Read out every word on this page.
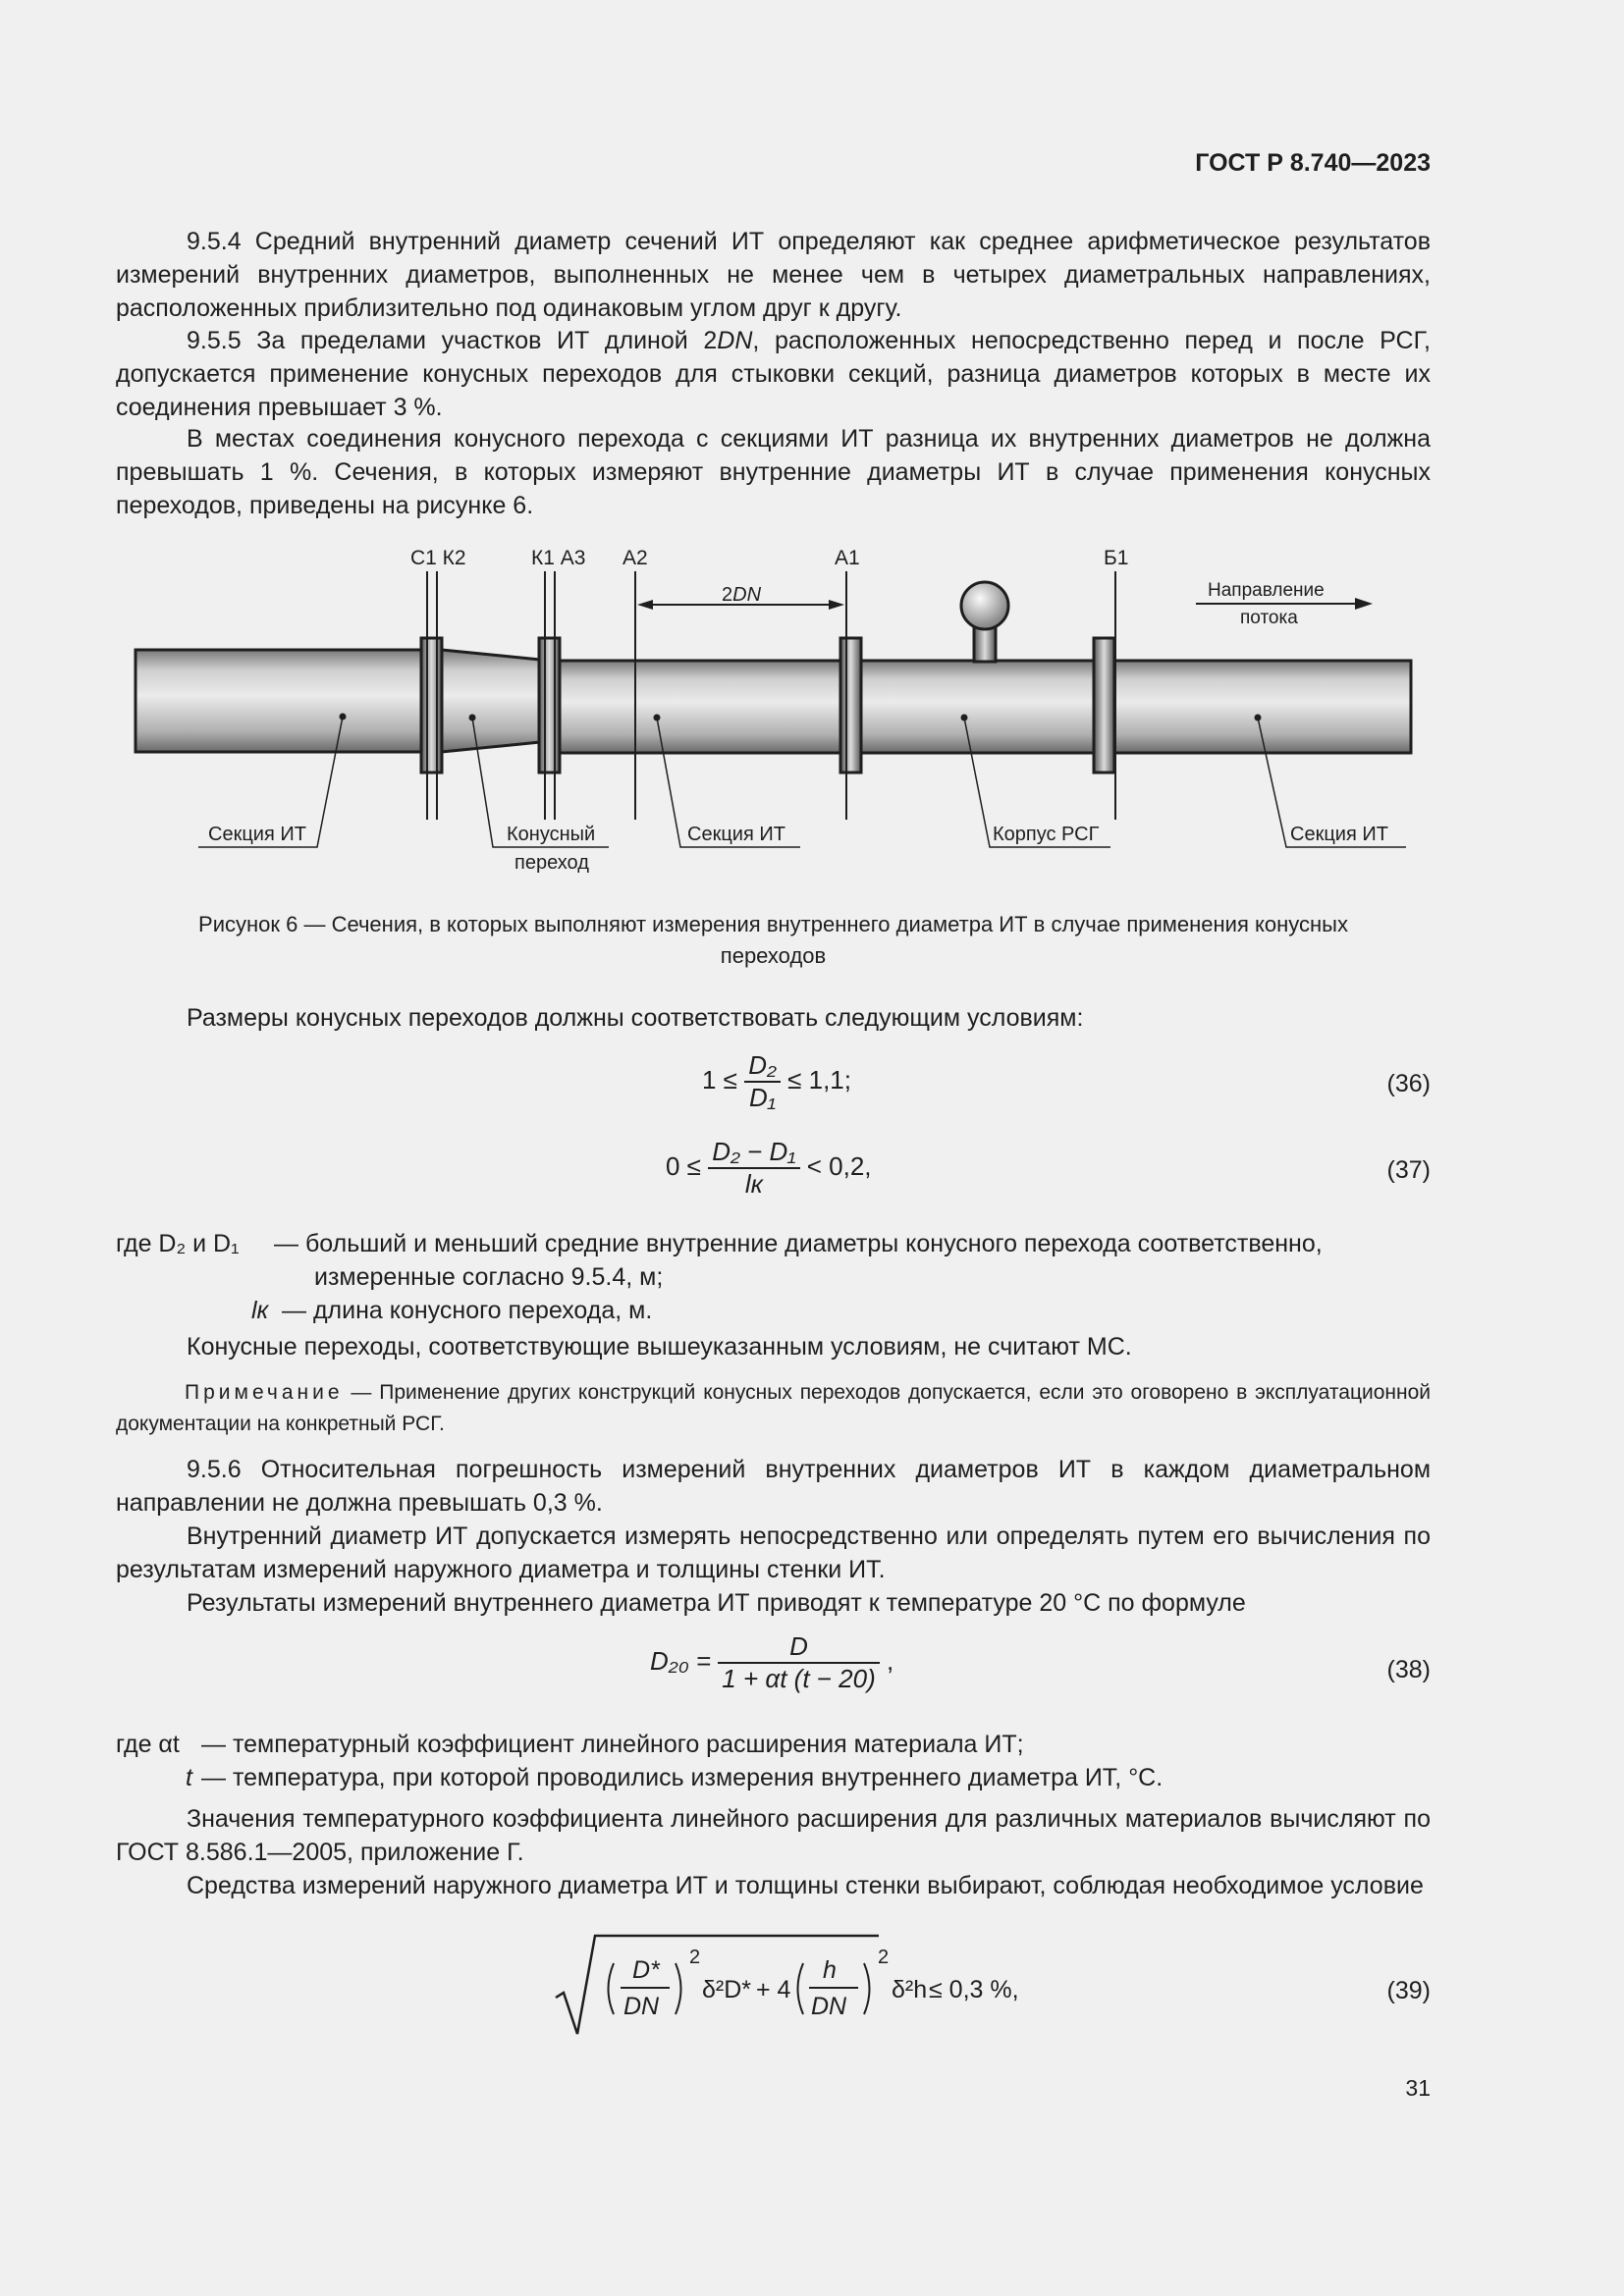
ГОСТ Р 8.740—2023
9.5.4 Средний внутренний диаметр сечений ИТ определяют как среднее арифметическое результатов измерений внутренних диаметров, выполненных не менее чем в четырех диаметральных направлениях, расположенных приблизительно под одинаковым углом друг к другу.
9.5.5 За пределами участков ИТ длиной 2DN, расположенных непосредственно перед и после РСГ, допускается применение конусных переходов для стыковки секций, разница диаметров которых в месте их соединения превышает 3 %.
В местах соединения конусного перехода с секциями ИТ разница их внутренних диаметров не должна превышать 1 %. Сечения, в которых измеряют внутренние диаметры ИТ в случае применения конусных переходов, приведены на рисунке 6.
2DN
С1 К2	К1 А3 А2	А1	Б1
Направление
потока
Секция ИТ	Конусный
переход
Секция ИТ	Корпус РСГ	Секция ИТ
Рисунок 6 — Сечения, в которых выполняют измерения внутреннего диаметра ИТ в случае применения конусных
переходов
Размеры конусных переходов должны соответствовать следующим условиям:
$1 \le \frac{\text{D₂}}{\text{D₁}} \le 1,1$;	(36)
$0 \le \frac{\text{D₂ − D₁}}{lк} < 0,2$,	(37)
где D₂ и D₁ — больший и меньший средние внутренние диаметры конусного перехода соответственно,
измеренные согласно 9.5.4, м;
lк — длина конусного перехода, м.
Конусные переходы, соответствующие вышеуказанным условиям, не считают МС.
Примечание — Применение других конструкций конусных переходов допускается, если это оговорено в эксплуатационной документации на конкретный РСГ.
9.5.6 Относительная погрешность измерений внутренних диаметров ИТ в каждом диаметральном направлении не должна превышать 0,3 %.
Внутренний диаметр ИТ допускается измерять непосредственно или определять путем его вычисления по результатам измерений наружного диаметра и толщины стенки ИТ.
Результаты измерений внутреннего диаметра ИТ приводят к температуре 20 °С по формуле
$D_{20} = \frac{D}{1 + \alpha t (t - 20)}$ ,	(38)
где αt — температурный коэффициент линейного расширения материала ИТ;
t — температура, при которой проводились измерения внутреннего диаметра ИТ, °С.
Значения температурного коэффициента линейного расширения для различных материалов вычисляют по ГОСТ 8.586.1—2005, приложение Г.
Средства измерений наружного диаметра ИТ и толщины стенки выбирают, соблюдая необходимое условие
D*
DN
2
δ²D* + 4
h
DN
2
δ²h ≤ 0,3 %,	(39)
31
